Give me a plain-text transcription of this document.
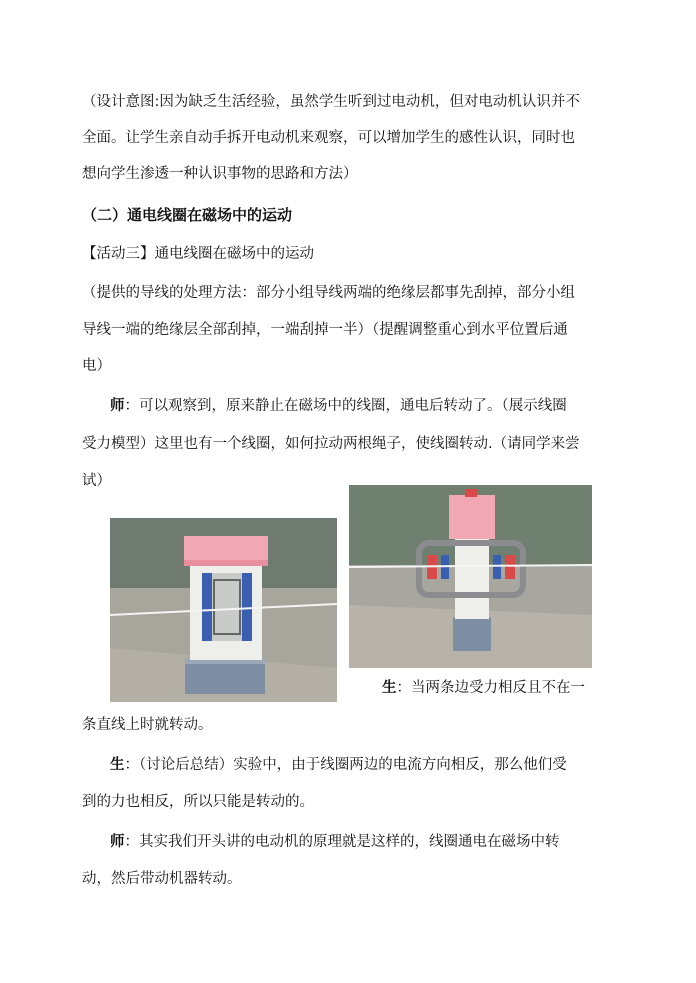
（设计意图:因为缺乏生活经验，虽然学生听到过电动机，但对电动机认识并不
全面。让学生亲自动手拆开电动机来观察，可以增加学生的感性认识，同时也
想向学生渗透一种认识事物的思路和方法）
（二）通电线圈在磁场中的运动
【活动三】通电线圈在磁场中的运动
（提供的导线的处理方法：部分小组导线两端的绝缘层都事先刮掉，部分小组
导线一端的绝缘层全部刮掉，一端刮掉一半）（提醒调整重心到水平位置后通
电）
师：可以观察到，原来静止在磁场中的线圈，通电后转动了。（展示线圈
受力模型）这里也有一个线圈，如何拉动两根绳子，使线圈转动.（请同学来尝
试）
生：当两条边受力相反且不在一
条直线上时就转动。
生：（讨论后总结）实验中，由于线圈两边的电流方向相反，那么他们受
到的力也相反，所以只能是转动的。
师：其实我们开头讲的电动机的原理就是这样的，线圈通电在磁场中转
动，然后带动机器转动。
